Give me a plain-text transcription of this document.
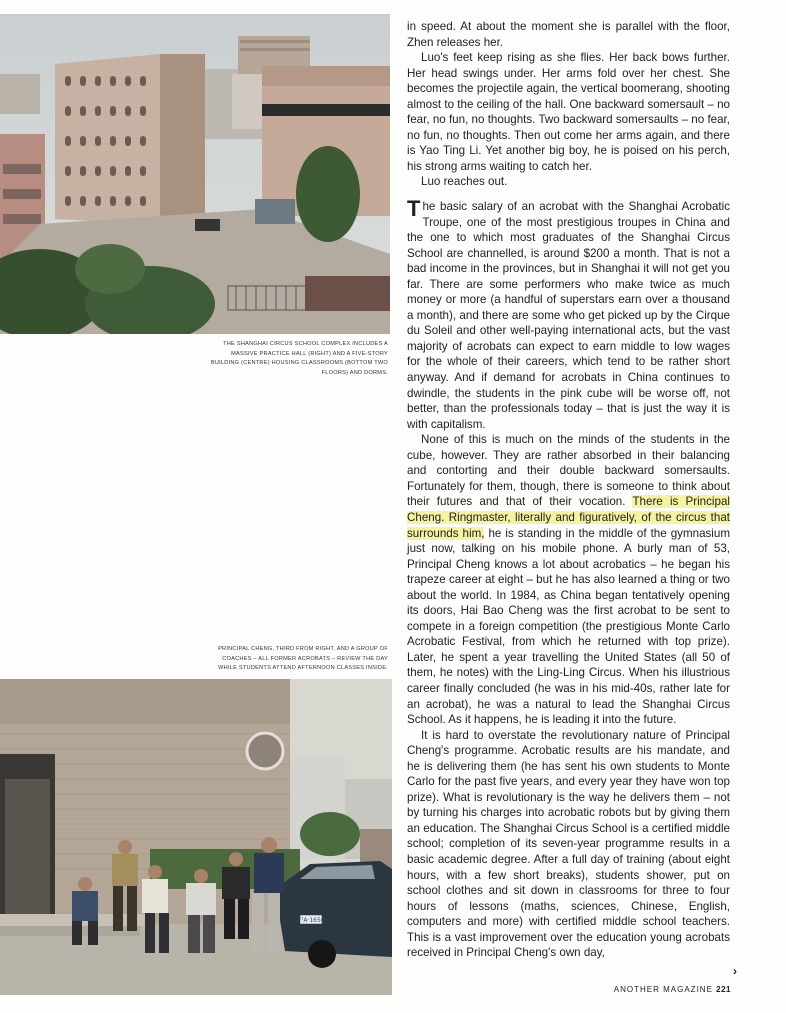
THE SHANGHAI CIRCUS SCHOOL COMPLEX INCLUDES A MASSIVE PRACTICE HALL (RIGHT) AND A FIVE-STORY BUILDING (CENTRE) HOUSING CLASSROOMS (BOTTOM TWO FLOORS) AND DORMS.
PRINCIPAL CHENG, THIRD FROM RIGHT, AND A GROUP OF COACHES – ALL FORMER ACROBATS – REVIEW THE DAY WHILE STUDENTS ATTEND AFTERNOON CLASSES INSIDE.
沪A·1650

in speed. At about the moment she is parallel with the floor, Zhen releases her.

Luo's feet keep rising as she flies. Her back bows further. Her head swings under. Her arms fold over her chest. She becomes the projectile again, the vertical boomerang, shooting almost to the ceiling of the hall. One backward somersault – no fear, no fun, no thoughts. Two backward somersaults – no fear, no fun, no thoughts. Then out come her arms again, and there is Yao Ting Li. Yet another big boy, he is poised on his perch, his strong arms waiting to catch her.

Luo reaches out.

The basic salary of an acrobat with the Shanghai Acrobatic Troupe, one of the most prestigious troupes in China and the one to which most graduates of the Shanghai Circus School are channelled, is around $200 a month. That is not a bad income in the provinces, but in Shanghai it will not get you far. There are some performers who make twice as much money or more (a handful of superstars earn over a thousand a month), and there are some who get picked up by the Cirque du Soleil and other well-paying international acts, but the vast majority of acrobats can expect to earn middle to low wages for the whole of their careers, which tend to be rather short anyway. And if demand for acrobats in China continues to dwindle, the students in the pink cube will be worse off, not better, than the professionals today – that is just the way it is with capitalism.

None of this is much on the minds of the students in the cube, however. They are rather absorbed in their balancing and contorting and their double backward somersaults. Fortunately for them, though, there is someone to think about their futures and that of their vocation. There is Principal Cheng. Ringmaster, literally and figuratively, of the circus that surrounds him, he is standing in the middle of the gymnasium just now, talking on his mobile phone. A burly man of 53, Principal Cheng knows a lot about acrobatics – he began his trapeze career at eight – but he has also learned a thing or two about the world. In 1984, as China began tentatively opening its doors, Hai Bao Cheng was the first acrobat to be sent to compete in a foreign competition (the prestigious Monte Carlo Acrobatic Festival, from which he returned with top prize). Later, he spent a year travelling the United States (all 50 of them, he notes) with the Ling-Ling Circus. When his illustrious career finally concluded (he was in his mid-40s, rather late for an acrobat), he was a natural to lead the Shanghai Circus School. As it happens, he is leading it into the future.

It is hard to overstate the revolutionary nature of Principal Cheng's programme. Acrobatic results are his mandate, and he is delivering them (he has sent his own students to Monte Carlo for the past five years, and every year they have won top prize). What is revolutionary is the way he delivers them – not by turning his charges into acrobatic robots but by giving them an education. The Shanghai Circus School is a certified middle school; completion of its seven-year programme results in a basic academic degree. After a full day of training (about eight hours, with a few short breaks), students shower, put on school clothes and sit down in classrooms for three to four hours of lessons (maths, sciences, Chinese, English, computers and more) with certified middle school teachers. This is a vast improvement over the education young acrobats received in Principal Cheng's own day,

›
ANOTHER MAGAZINE 221
